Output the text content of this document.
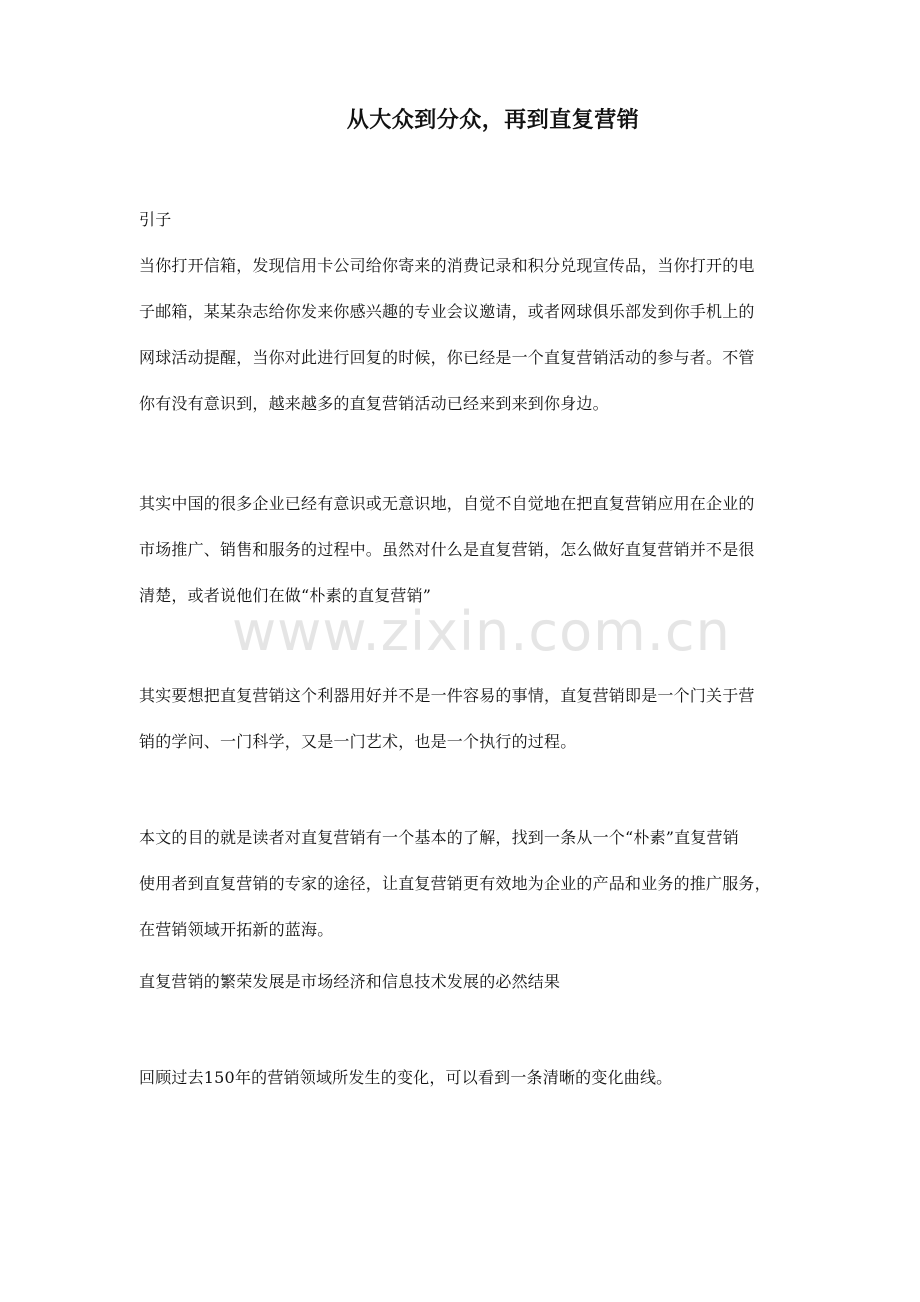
从大众到分众，再到直复营销
引子
当你打开信箱，发现信用卡公司给你寄来的消费记录和积分兑现宣传品，当你打开的电
子邮箱，某某杂志给你发来你感兴趣的专业会议邀请，或者网球俱乐部发到你手机上的
网球活动提醒，当你对此进行回复的时候，你已经是一个直复营销活动的参与者。不管
你有没有意识到，越来越多的直复营销活动已经来到来到你身边。
其实中国的很多企业已经有意识或无意识地，自觉不自觉地在把直复营销应用在企业的
市场推广、销售和服务的过程中。虽然对什么是直复营销，怎么做好直复营销并不是很
清楚，或者说他们在做“朴素的直复营销”
www.zixin.com.cn
其实要想把直复营销这个利器用好并不是一件容易的事情，直复营销即是一个门关于营
销的学问、一门科学，又是一门艺术，也是一个执行的过程。
本文的目的就是读者对直复营销有一个基本的了解，找到一条从一个“朴素”直复营销
使用者到直复营销的专家的途径，让直复营销更有效地为企业的产品和业务的推广服务，
在营销领域开拓新的蓝海。
直复营销的繁荣发展是市场经济和信息技术发展的必然结果
回顾过去150年的营销领域所发生的变化，可以看到一条清晰的变化曲线。
